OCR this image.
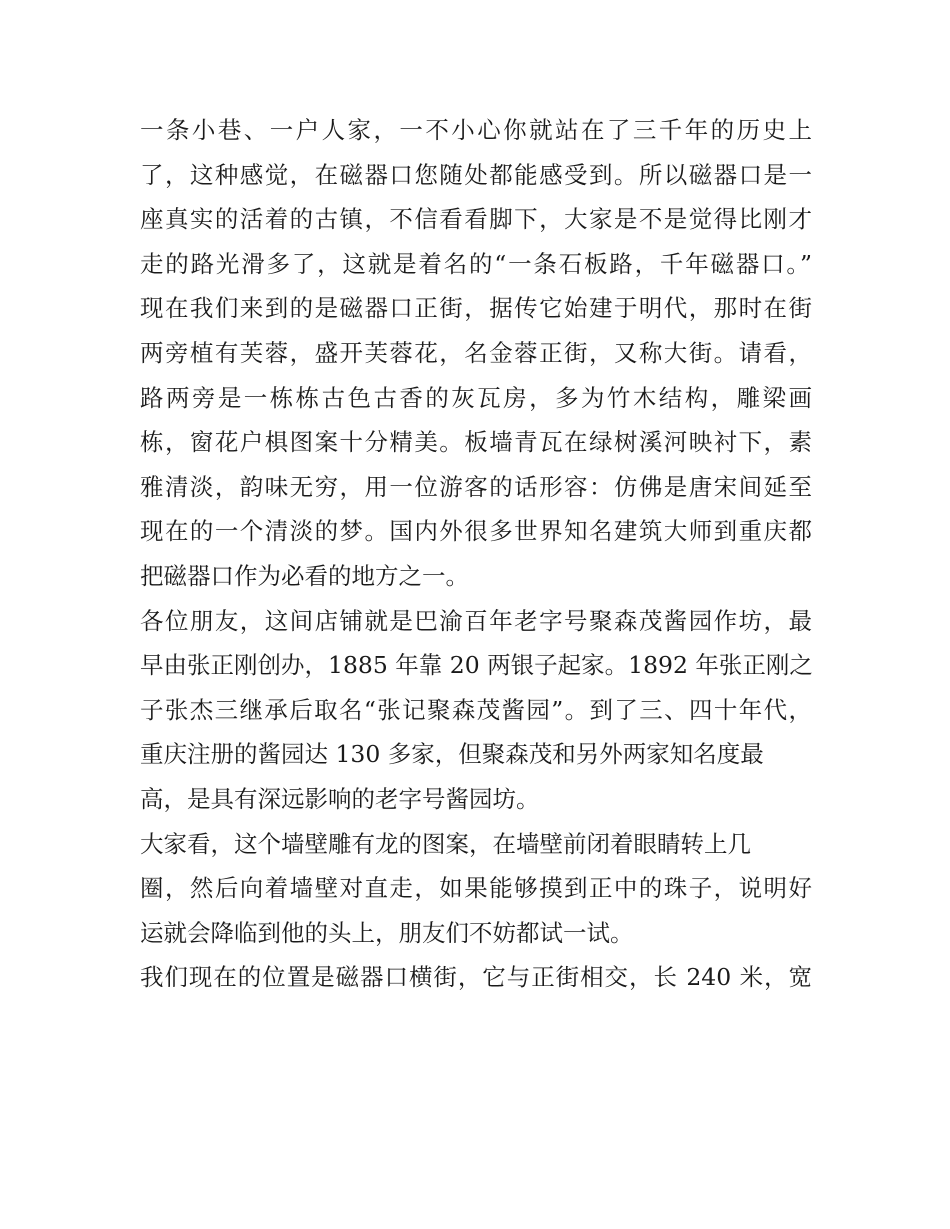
一条小巷、一户人家，一不小心你就站在了三千年的历史上
了，这种感觉，在磁器口您随处都能感受到。所以磁器口是一
座真实的活着的古镇，不信看看脚下，大家是不是觉得比刚才
走的路光滑多了，这就是着名的“一条石板路，千年磁器口。”
现在我们来到的是磁器口正街，据传它始建于明代，那时在街
两旁植有芙蓉，盛开芙蓉花，名金蓉正街，又称大街。请看，
路两旁是一栋栋古色古香的灰瓦房，多为竹木结构，雕梁画
栋，窗花户椇图案十分精美。板墙青瓦在绿树溪河映衬下，素
雅清淡，韵味无穷，用一位游客的话形容：仿佛是唐宋间延至
现在的一个清淡的梦。国内外很多世界知名建筑大师到重庆都
把磁器口作为必看的地方之一。
各位朋友，这间店铺就是巴渝百年老字号聚森茂酱园作坊，最
早由张正刚创办，1885 年靠 20 两银子起家。1892 年张正刚之
子张杰三继承后取名“张记聚森茂酱园”。到了三、四十年代，
重庆注册的酱园达 130 多家，但聚森茂和另外两家知名度最
高，是具有深远影响的老字号酱园坊。
大家看，这个墙壁雕有龙的图案，在墙壁前闭着眼睛转上几
圈，然后向着墙壁对直走，如果能够摸到正中的珠子，说明好
运就会降临到他的头上，朋友们不妨都试一试。
我们现在的位置是磁器口横街，它与正街相交，长 240 米，宽
